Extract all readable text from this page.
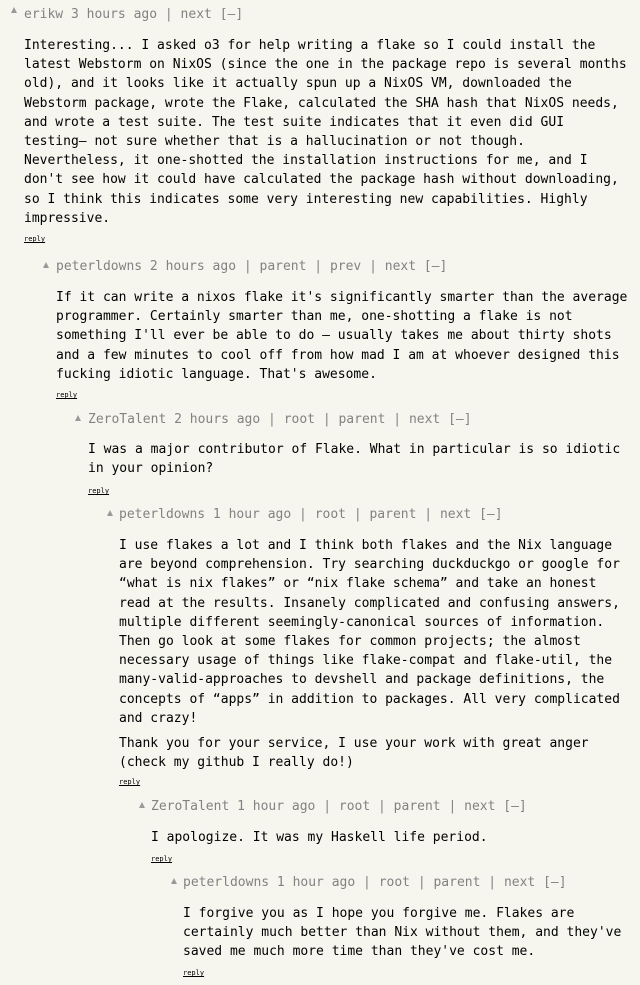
erikw 3 hours ago | next [–]

Interesting... I asked o3 for help writing a flake so I could install the latest Webstorm on NixOS (since the one in the package repo is several months old), and it looks like it actually spun up a NixOS VM, downloaded the Webstorm package, wrote the Flake, calculated the SHA hash that NixOS needs, and wrote a test suite. The test suite indicates that it even did GUI testing– not sure whether that is a hallucination or not though. Nevertheless, it one-shotted the installation instructions for me, and I don't see how it could have calculated the package hash without downloading, so I think this indicates some very interesting new capabilities. Highly impressive.

reply
peterldowns 2 hours ago | parent | prev | next [–]

If it can write a nixos flake it's significantly smarter than the average programmer. Certainly smarter than me, one-shotting a flake is not something I'll ever be able to do — usually takes me about thirty shots and a few minutes to cool off from how mad I am at whoever designed this fucking idiotic language. That's awesome.

reply
ZeroTalent 2 hours ago | root | parent | next [–]

I was a major contributor of Flake. What in particular is so idiotic in your opinion?

reply
peterldowns 1 hour ago | root | parent | next [–]

I use flakes a lot and I think both flakes and the Nix language are beyond comprehension. Try searching duckduckgo or google for “what is nix flakes” or “nix flake schema” and take an honest read at the results. Insanely complicated and confusing answers, multiple different seemingly-canonical sources of information. Then go look at some flakes for common projects; the almost necessary usage of things like flake-compat and flake-util, the many-valid-approaches to devshell and package definitions, the concepts of “apps” in addition to packages. All very complicated and crazy!

Thank you for your service, I use your work with great anger (check my github I really do!)

reply
ZeroTalent 1 hour ago | root | parent | next [–]

I apologize. It was my Haskell life period.

reply
peterldowns 1 hour ago | root | parent | next [–]

I forgive you as I hope you forgive me. Flakes are certainly much better than Nix without them, and they've saved me much more time than they've cost me.

reply
